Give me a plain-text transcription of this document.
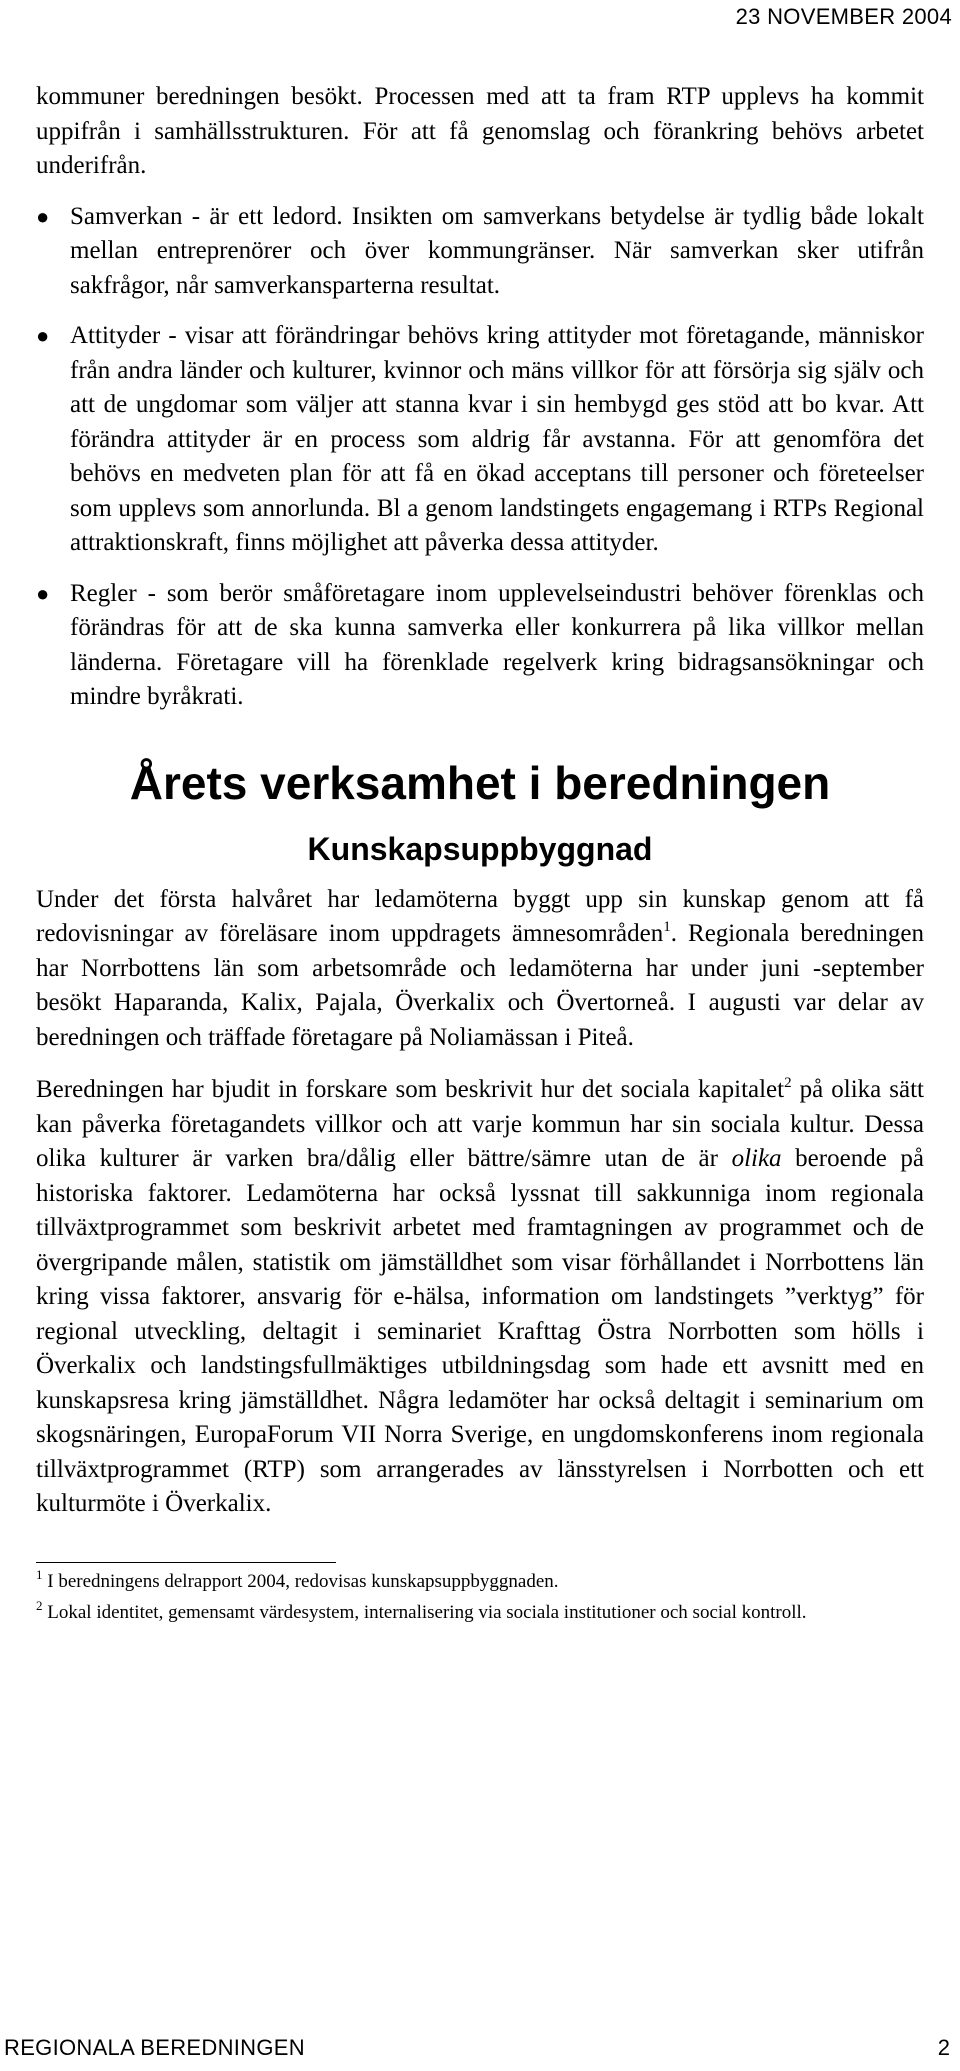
23 NOVEMBER 2004

kommuner beredningen besökt. Processen med att ta fram RTP upplevs ha kommit uppifrån i samhällsstrukturen. För att få genomslag och förankring behövs arbetet underifrån.

● Samverkan - är ett ledord. Insikten om samverkans betydelse är tydlig både lokalt mellan entreprenörer och över kommungränser. När samverkan sker utifrån sakfrågor, når samverkansparterna resultat.
● Attityder - visar att förändringar behövs kring attityder mot företagande, människor från andra länder och kulturer, kvinnor och mäns villkor för att försörja sig själv och att de ungdomar som väljer att stanna kvar i sin hembygd ges stöd att bo kvar. Att förändra attityder är en process som aldrig får avstanna. För att genomföra det behövs en medveten plan för att få en ökad acceptans till personer och företeelser som upplevs som annorlunda. Bl a genom landstingets engagemang i RTPs Regional attraktionskraft, finns möjlighet att påverka dessa attityder.
● Regler - som berör småföretagare inom upplevelseindustri behöver förenklas och förändras för att de ska kunna samverka eller konkurrera på lika villkor mellan länderna. Företagare vill ha förenklade regelverk kring bidragsansökningar och mindre byråkrati.
Årets verksamhet i beredningen
Kunskapsuppbyggnad

Under det första halvåret har ledamöterna byggt upp sin kunskap genom att få redovisningar av föreläsare inom uppdragets ämnesområden$^1$. Regionala beredningen har Norrbottens län som arbetsområde och ledamöterna har under juni -september besökt Haparanda, Kalix, Pajala, Överkalix och Övertorneå. I augusti var delar av beredningen och träffade företagare på Noliamässan i Piteå.

Beredningen har bjudit in forskare som beskrivit hur det sociala kapitalet$^2$ på olika sätt kan påverka företagandets villkor och att varje kommun har sin sociala kultur. Dessa olika kulturer är varken bra/dålig eller bättre/sämre utan de är olika beroende på historiska faktorer. Ledamöterna har också lyssnat till sakkunniga inom regionala tillväxtprogrammet som beskrivit arbetet med framtagningen av programmet och de övergripande målen, statistik om jämställdhet som visar förhållandet i Norrbottens län kring vissa faktorer, ansvarig för e-hälsa, information om landstingets ”verktyg” för regional utveckling, deltagit i seminariet Krafttag Östra Norrbotten som hölls i Överkalix och landstingsfullmäktiges utbildningsdag som hade ett avsnitt med en kunskapsresa kring jämställdhet. Några ledamöter har också deltagit i seminarium om skogsnäringen, EuropaForum VII Norra Sverige, en ungdomskonferens inom regionala tillväxtprogrammet (RTP) som arrangerades av länsstyrelsen i Norrbotten och ett kulturmöte i Överkalix.

$^1$ I beredningens delrapport 2004, redovisas kunskapsuppbyggnaden.

$^2$ Lokal identitet, gemensamt värdesystem, internalisering via sociala institutioner och social kontroll.

REGIONALA BEREDNINGEN	2
